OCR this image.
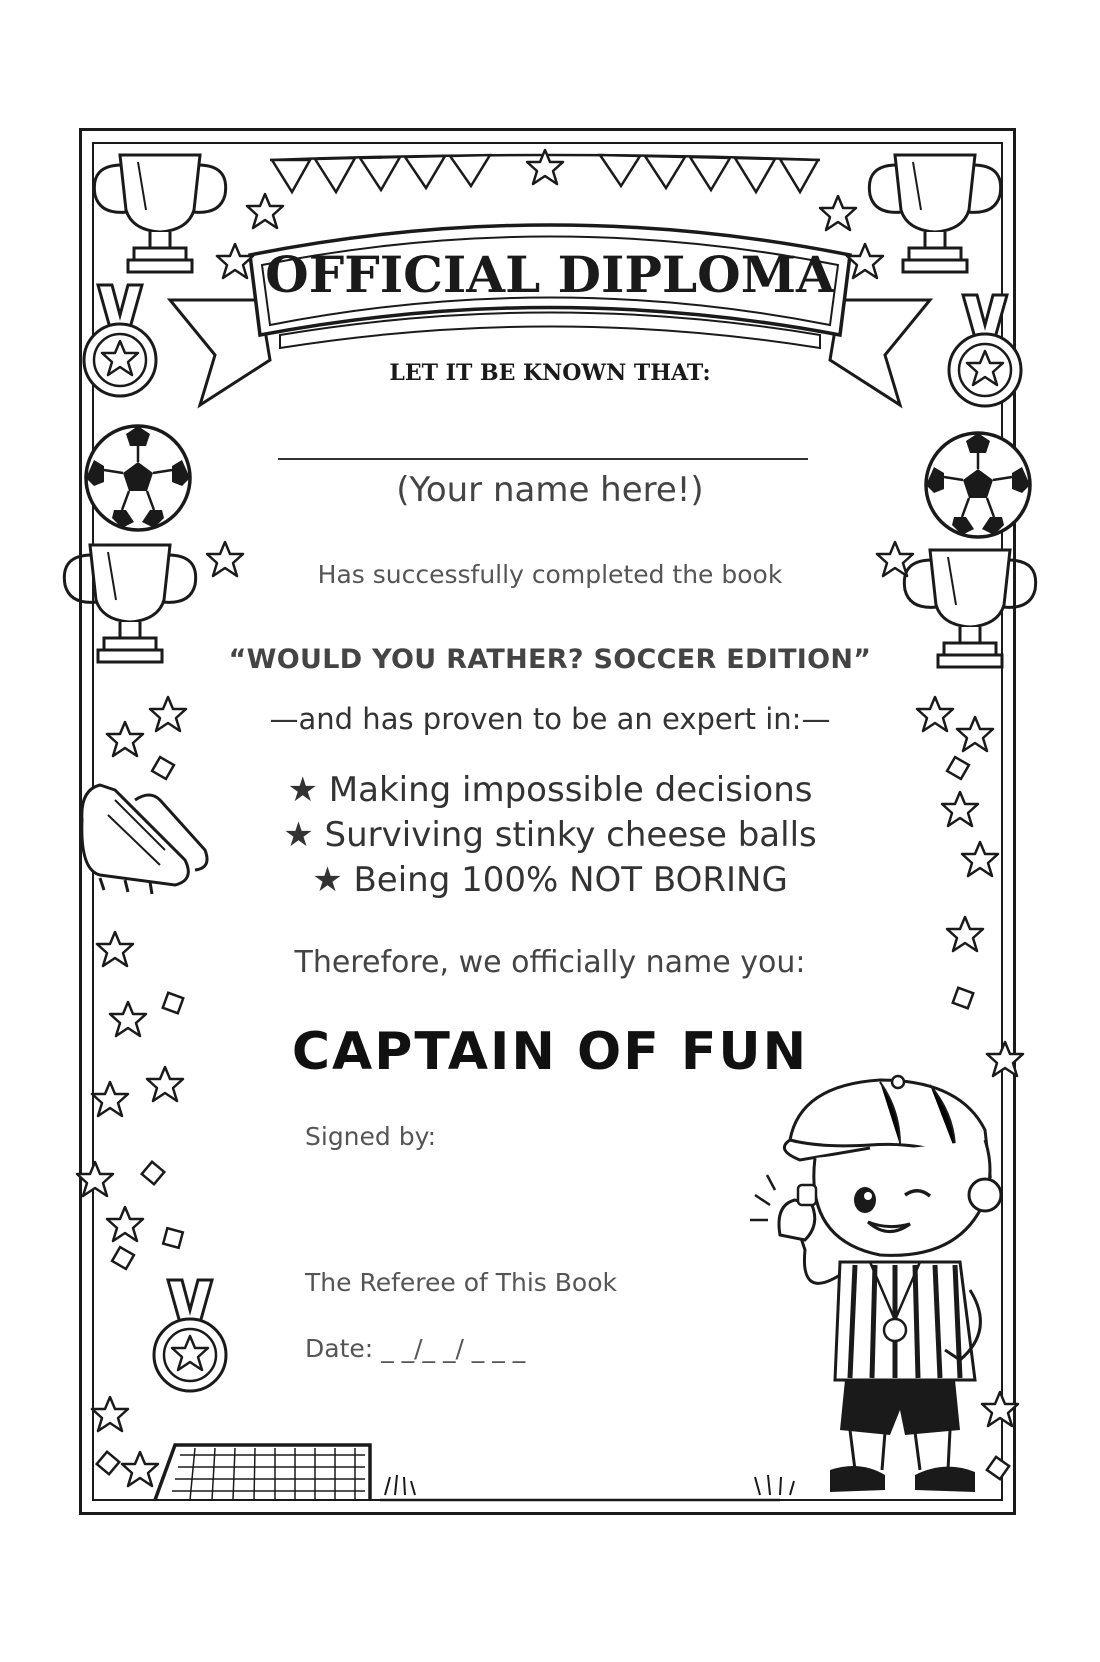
OFFICIAL DIPLOMA
LET IT BE KNOWN THAT:
(Your name here!)
Has successfully completed the book
“WOULD YOU RATHER? SOCCER EDITION”
—and has proven to be an expert in:—
★ Making impossible decisions
★ Surviving stinky cheese balls
★ Being 100% NOT BORING
Therefore, we officially name you:
CAPTAIN OF FUN
Signed by:
The Referee of This Book
Date: _ _/_ _/ _ _ _
